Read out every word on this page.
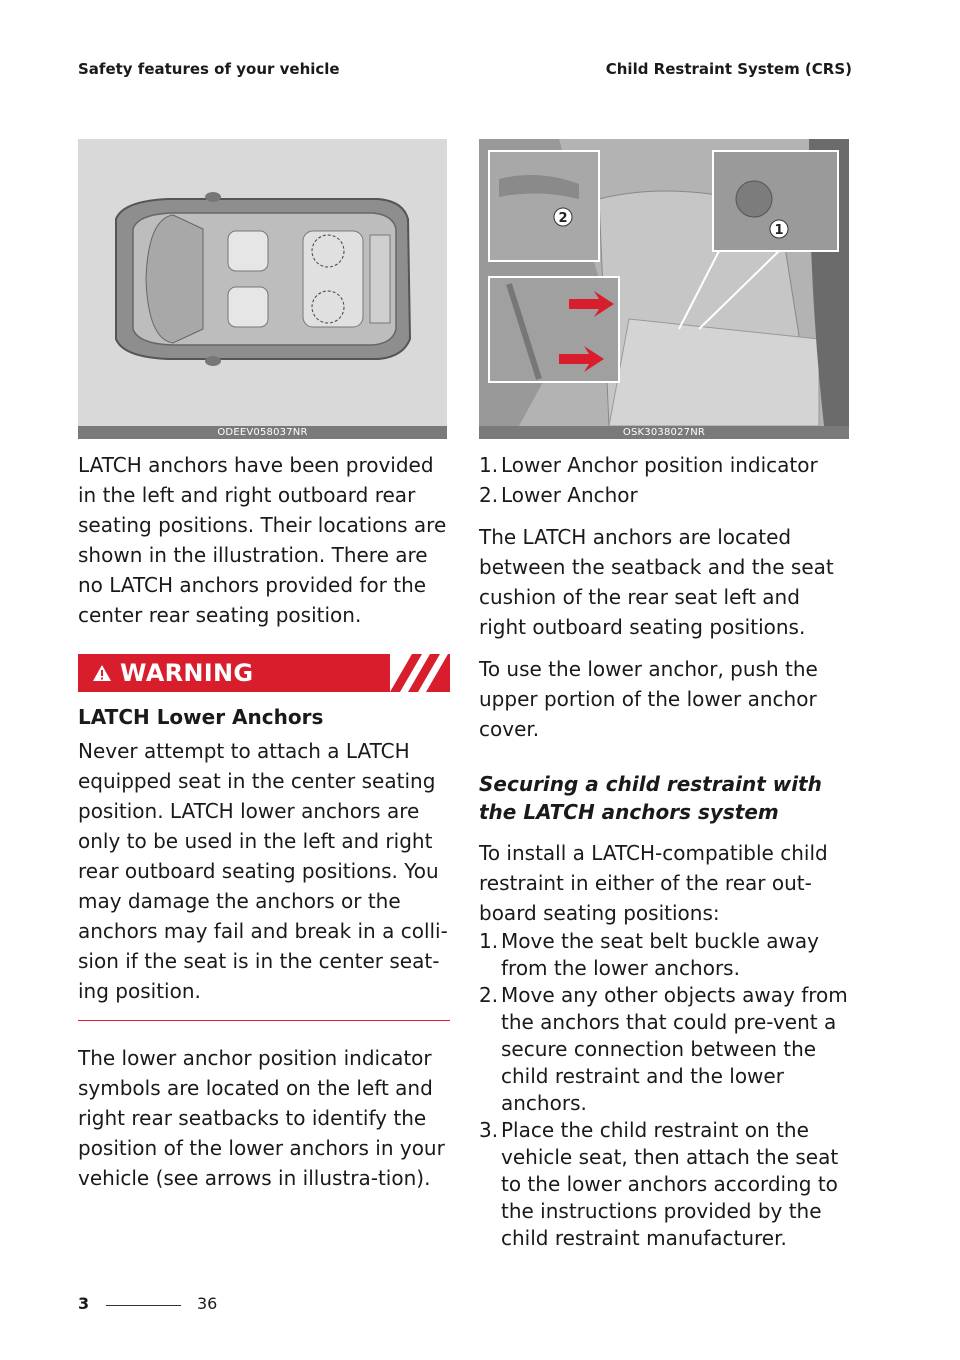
Safety features of your vehicle	Child Restraint System (CRS)
ODEEV058037NR
1
2
OSK3038027NR

LATCH anchors have been provided in the left and right outboard rear seating positions. Their locations are shown in the illustration. There are no LATCH anchors provided for the center rear seating position.

WARNING
LATCH Lower Anchors

Never attempt to attach a LATCH equipped seat in the center seating position. LATCH lower anchors are only to be used in the left and right rear outboard seating positions. You may damage the anchors or the anchors may fail and break in a colli-sion if the seat is in the center seat-ing position.

The lower anchor position indicator symbols are located on the left and right rear seatbacks to identify the position of the lower anchors in your vehicle (see arrows in illustra-tion).

1. Lower Anchor position indicator
2. Lower Anchor

The LATCH anchors are located between the seatback and the seat cushion of the rear seat left and right outboard seating positions.

To use the lower anchor, push the upper portion of the lower anchor cover.

Securing a child restraint with the LATCH anchors system

To install a LATCH-compatible child restraint in either of the rear out-board seating positions:

1. Move the seat belt buckle away from the lower anchors.
2. Move any other objects away from the anchors that could pre-vent a secure connection between the child restraint and the lower anchors.
3. Place the child restraint on the vehicle seat, then attach the seat to the lower anchors according to the instructions provided by the child restraint manufacturer.
3	36
